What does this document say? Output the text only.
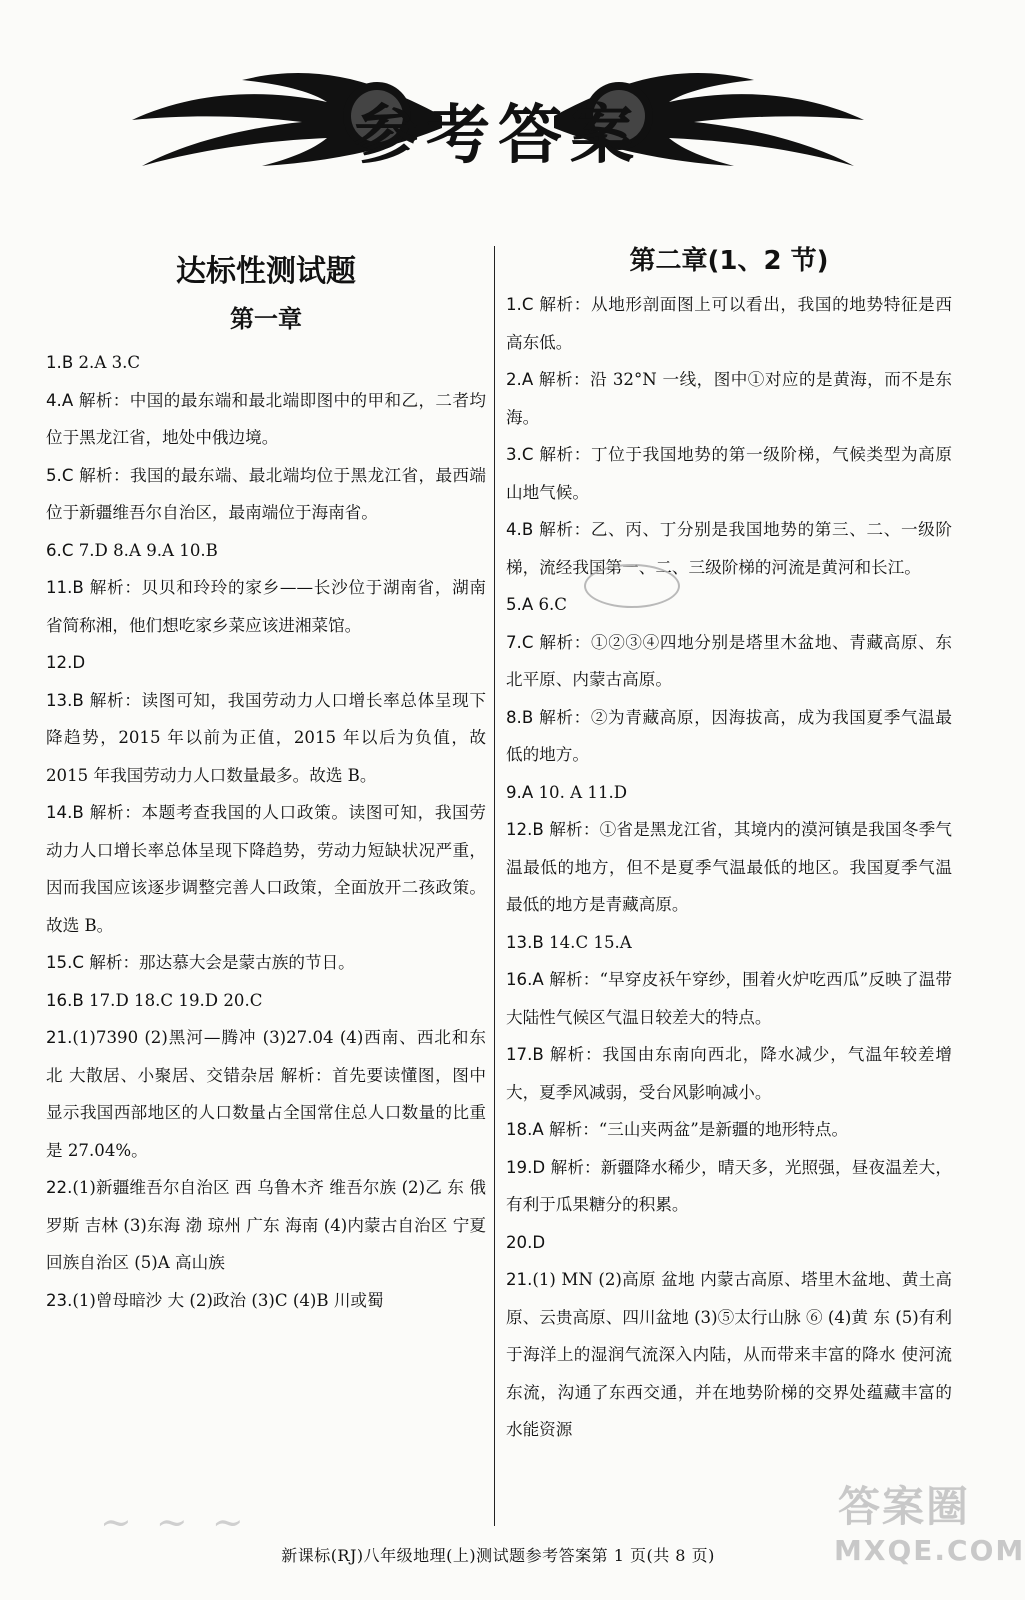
参考答案
达标性测试题
第一章
1.B 2.A 3.C
4.A 解析：中国的最东端和最北端即图中的甲和乙，二者均位于黑龙江省，地处中俄边境。
5.C 解析：我国的最东端、最北端均位于黑龙江省，最西端位于新疆维吾尔自治区，最南端位于海南省。
6.C 7.D 8.A 9.A 10.B
11.B 解析：贝贝和玲玲的家乡——长沙位于湖南省，湖南省简称湘，他们想吃家乡菜应该进湘菜馆。
12.D
13.B 解析：读图可知，我国劳动力人口增长率总体呈现下降趋势，2015 年以前为正值，2015 年以后为负值，故 2015 年我国劳动力人口数量最多。故选 B。
14.B 解析：本题考查我国的人口政策。读图可知，我国劳动力人口增长率总体呈现下降趋势，劳动力短缺状况严重，因而我国应该逐步调整完善人口政策，全面放开二孩政策。故选 B。
15.C 解析：那达慕大会是蒙古族的节日。
16.B 17.D 18.C 19.D 20.C
21.(1)7390 (2)黑河—腾冲 (3)27.04 (4)西南、西北和东北 大散居、小聚居、交错杂居 解析：首先要读懂图，图中显示我国西部地区的人口数量占全国常住总人口数量的比重是 27.04%。
22.(1)新疆维吾尔自治区 西 乌鲁木齐 维吾尔族 (2)乙 东 俄罗斯 吉林 (3)东海 渤 琼州 广东 海南 (4)内蒙古自治区 宁夏回族自治区 (5)A 高山族
23.(1)曾母暗沙 大 (2)政治 (3)C (4)B 川或蜀
第二章(1、2 节)
1.C 解析：从地形剖面图上可以看出，我国的地势特征是西高东低。
2.A 解析：沿 32°N 一线，图中①对应的是黄海，而不是东海。
3.C 解析：丁位于我国地势的第一级阶梯，气候类型为高原山地气候。
4.B 解析：乙、丙、丁分别是我国地势的第三、二、一级阶梯，流经我国第一、二、三级阶梯的河流是黄河和长江。
5.A 6.C
7.C 解析：①②③④四地分别是塔里木盆地、青藏高原、东北平原、内蒙古高原。
8.B 解析：②为青藏高原，因海拔高，成为我国夏季气温最低的地方。
9.A 10. A 11.D
12.B 解析：①省是黑龙江省，其境内的漠河镇是我国冬季气温最低的地方，但不是夏季气温最低的地区。我国夏季气温最低的地方是青藏高原。
13.B 14.C 15.A
16.A 解析：“早穿皮袄午穿纱，围着火炉吃西瓜”反映了温带大陆性气候区气温日较差大的特点。
17.B 解析：我国由东南向西北，降水减少，气温年较差增大，夏季风减弱，受台风影响减小。
18.A 解析：“三山夹两盆”是新疆的地形特点。
19.D 解析：新疆降水稀少，晴天多，光照强，昼夜温差大，有利于瓜果糖分的积累。
20.D
21.(1) MN (2)高原 盆地 内蒙古高原、塔里木盆地、黄土高原、云贵高原、四川盆地 (3)⑤太行山脉 ⑥ (4)黄 东 (5)有利于海洋上的湿润气流深入内陆，从而带来丰富的降水 使河流东流，沟通了东西交通，并在地势阶梯的交界处蕴藏丰富的水能资源
~ ~ ~
新课标(RJ)八年级地理(上)测试题参考答案第 1 页(共 8 页)
答案圈
MXQE.COM
